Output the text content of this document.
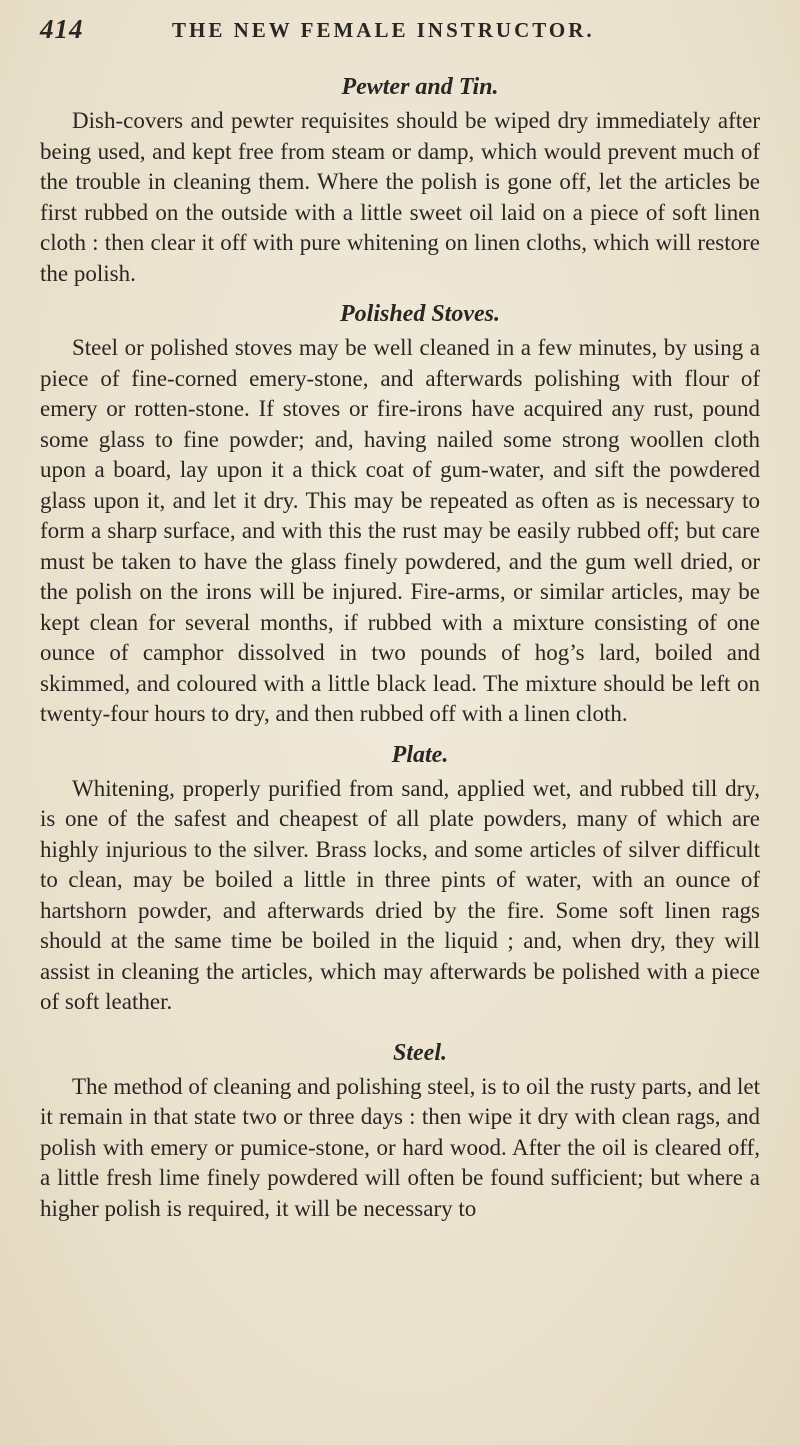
414	THE NEW FEMALE INSTRUCTOR.
Pewter and Tin.

Dish-covers and pewter requisites should be wiped dry immediately after being used, and kept free from steam or damp, which would prevent much of the trouble in cleaning them. Where the polish is gone off, let the articles be first rubbed on the outside with a little sweet oil laid on a piece of soft linen cloth : then clear it off with pure whitening on linen cloths, which will restore the polish.

Polished Stoves.

Steel or polished stoves may be well cleaned in a few minutes, by using a piece of fine-corned emery-stone, and afterwards polishing with flour of emery or rotten-stone. If stoves or fire-irons have acquired any rust, pound some glass to fine powder; and, having nailed some strong woollen cloth upon a board, lay upon it a thick coat of gum-water, and sift the powdered glass upon it, and let it dry. This may be repeated as often as is necessary to form a sharp surface, and with this the rust may be easily rubbed off; but care must be taken to have the glass finely powdered, and the gum well dried, or the polish on the irons will be injured. Fire-arms, or similar articles, may be kept clean for several months, if rubbed with a mixture consisting of one ounce of camphor dissolved in two pounds of hog’s lard, boiled and skimmed, and coloured with a little black lead. The mixture should be left on twenty-four hours to dry, and then rubbed off with a linen cloth.

Plate.

Whitening, properly purified from sand, applied wet, and rubbed till dry, is one of the safest and cheapest of all plate powders, many of which are highly injurious to the silver. Brass locks, and some articles of silver difficult to clean, may be boiled a little in three pints of water, with an ounce of hartshorn powder, and afterwards dried by the fire. Some soft linen rags should at the same time be boiled in the liquid ; and, when dry, they will assist in cleaning the articles, which may afterwards be polished with a piece of soft leather.

Steel.

The method of cleaning and polishing steel, is to oil the rusty parts, and let it remain in that state two or three days : then wipe it dry with clean rags, and polish with emery or pumice-stone, or hard wood. After the oil is cleared off, a little fresh lime finely powdered will often be found sufficient; but where a higher polish is required, it will be necessary to
